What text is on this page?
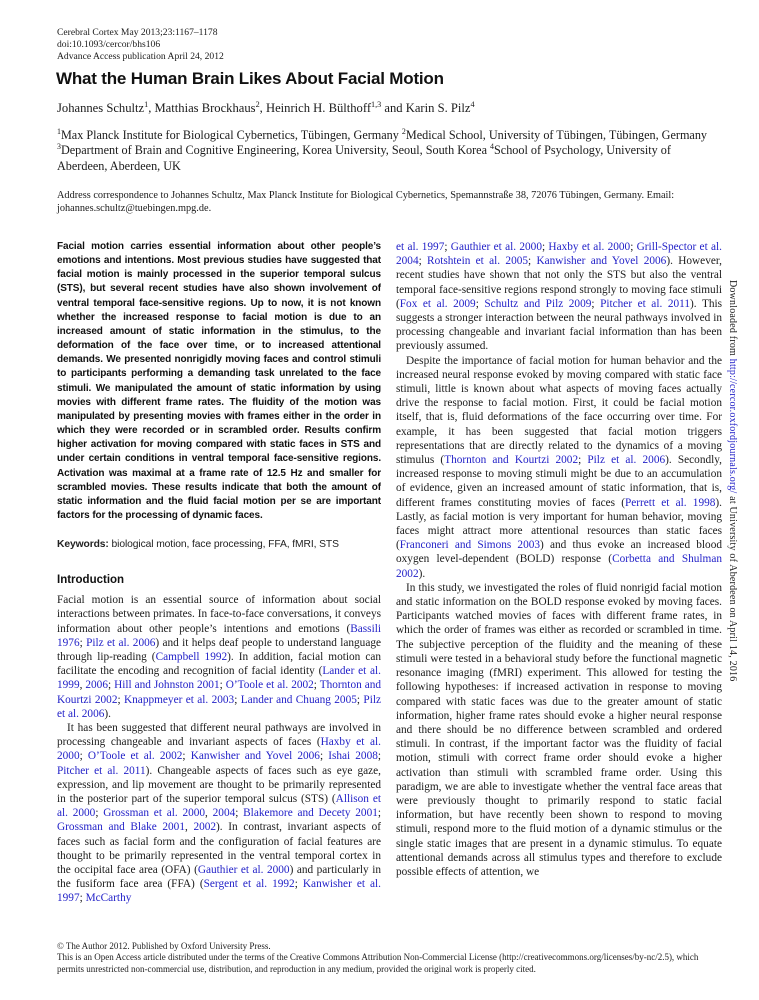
Cerebral Cortex May 2013;23:1167–1178
doi:10.1093/cercor/bhs106
Advance Access publication April 24, 2012
What the Human Brain Likes About Facial Motion
Johannes Schultz$^1$, Matthias Brockhaus$^2$, Heinrich H. Bülthoff$^{1,3}$ and Karin S. Pilz$^4$
$^1$Max Planck Institute for Biological Cybernetics, Tübingen, Germany $^2$Medical School, University of Tübingen, Tübingen, Germany $^3$Department of Brain and Cognitive Engineering, Korea University, Seoul, South Korea $^4$School of Psychology, University of Aberdeen, Aberdeen, UK
Address correspondence to Johannes Schultz, Max Planck Institute for Biological Cybernetics, Spemannstraße 38, 72076 Tübingen, Germany. Email: johannes.schultz@tuebingen.mpg.de.

Facial motion carries essential information about other people’s emotions and intentions. Most previous studies have suggested that facial motion is mainly processed in the superior temporal sulcus (STS), but several recent studies have also shown involvement of ventral temporal face-sensitive regions. Up to now, it is not known whether the increased response to facial motion is due to an increased amount of static information in the stimulus, to the deformation of the face over time, or to increased attentional demands. We presented nonrigidly moving faces and control stimuli to participants performing a demanding task unrelated to the face stimuli. We manipulated the amount of static information by using movies with different frame rates. The fluidity of the motion was manipulated by presenting movies with frames either in the order in which they were recorded or in scrambled order. Results confirm higher activation for moving compared with static faces in STS and under certain conditions in ventral temporal face-sensitive regions. Activation was maximal at a frame rate of 12.5 Hz and smaller for scrambled movies. These results indicate that both the amount of static information and the fluid facial motion per se are important factors for the processing of dynamic faces.

Keywords: biological motion, face processing, FFA, fMRI, STS

Introduction

Facial motion is an essential source of information about social interactions between primates. In face-to-face conversations, it conveys information about other people’s intentions and emotions (Bassili 1976; Pilz et al. 2006) and it helps deaf people to understand language through lip-reading (Campbell 1992). In addition, facial motion can facilitate the encoding and recognition of facial identity (Lander et al. 1999, 2006; Hill and Johnston 2001; O’Toole et al. 2002; Thornton and Kourtzi 2002; Knappmeyer et al. 2003; Lander and Chuang 2005; Pilz et al. 2006).

It has been suggested that different neural pathways are involved in processing changeable and invariant aspects of faces (Haxby et al. 2000; O’Toole et al. 2002; Kanwisher and Yovel 2006; Ishai 2008; Pitcher et al. 2011). Changeable aspects of faces such as eye gaze, expression, and lip movement are thought to be primarily represented in the posterior part of the superior temporal sulcus (STS) (Allison et al. 2000; Grossman et al. 2000, 2004; Blakemore and Decety 2001; Grossman and Blake 2001, 2002). In contrast, invariant aspects of faces such as facial form and the configuration of facial features are thought to be primarily represented in the ventral temporal cortex in the occipital face area (OFA) (Gauthier et al. 2000) and particularly in the fusiform face area (FFA) (Sergent et al. 1992; Kanwisher et al. 1997; McCarthy

et al. 1997; Gauthier et al. 2000; Haxby et al. 2000; Grill-Spector et al. 2004; Rotshtein et al. 2005; Kanwisher and Yovel 2006). However, recent studies have shown that not only the STS but also the ventral temporal face-sensitive regions respond strongly to moving face stimuli (Fox et al. 2009; Schultz and Pilz 2009; Pitcher et al. 2011). This suggests a stronger interaction between the neural pathways involved in processing changeable and invariant facial information than has been previously assumed.

Despite the importance of facial motion for human behavior and the increased neural response evoked by moving compared with static face stimuli, little is known about what aspects of moving faces actually drive the response to facial motion. First, it could be facial motion itself, that is, fluid deformations of the face occurring over time. For example, it has been suggested that facial motion triggers representations that are directly related to the dynamics of a moving stimulus (Thornton and Kourtzi 2002; Pilz et al. 2006). Secondly, increased response to moving stimuli might be due to an accumulation of evidence, given an increased amount of static information, that is, different frames constituting movies of faces (Perrett et al. 1998). Lastly, as facial motion is very important for human behavior, moving faces might attract more attentional resources than static faces (Franconeri and Simons 2003) and thus evoke an increased blood oxygen level-dependent (BOLD) response (Corbetta and Shulman 2002).

In this study, we investigated the roles of fluid nonrigid facial motion and static information on the BOLD response evoked by moving faces. Participants watched movies of faces with different frame rates, in which the order of frames was either as recorded or scrambled in time. The subjective perception of the fluidity and the meaning of these stimuli were tested in a behavioral study before the functional magnetic resonance imaging (fMRI) experiment. This allowed for testing the following hypotheses: if increased activation in response to moving compared with static faces was due to the greater amount of static information, higher frame rates should evoke a higher neural response and there should be no difference between scrambled and ordered stimuli. In contrast, if the important factor was the fluidity of facial motion, stimuli with correct frame order should evoke a higher activation than stimuli with scrambled frame order. Using this paradigm, we are able to investigate whether the ventral face areas that were previously thought to primarily respond to static facial information, but have recently been shown to respond to moving stimuli, respond more to the fluid motion of a dynamic stimulus or the single static images that are present in a dynamic stimulus. To equate attentional demands across all stimulus types and therefore to exclude possible effects of attention, we

© The Author 2012. Published by Oxford University Press.
This is an Open Access article distributed under the terms of the Creative Commons Attribution Non-Commercial License (http://creativecommons.org/licenses/by-nc/2.5), which permits unrestricted non-commercial use, distribution, and reproduction in any medium, provided the original work is properly cited.
Downloaded from http://cercor.oxfordjournals.org/ at University of Aberdeen on April 14, 2016
